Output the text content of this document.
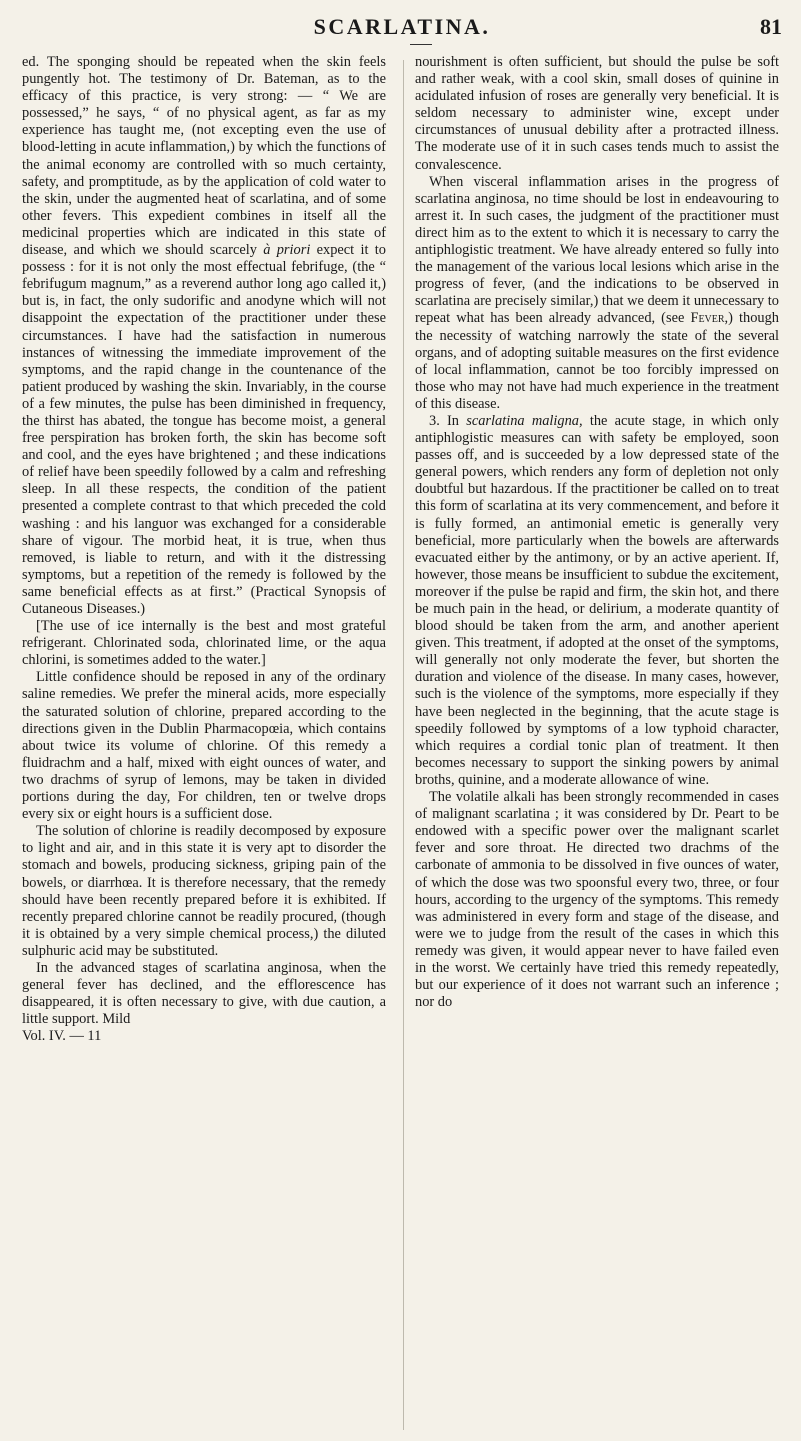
SCARLATINA.	81

ed. The sponging should be repeated when the skin feels pungently hot. The testimony of Dr. Bateman, as to the efficacy of this practice, is very strong: — “ We are possessed,” he says, “ of no physical agent, as far as my experience has taught me, (not excepting even the use of blood-letting in acute inflammation,) by which the functions of the animal economy are controlled with so much certainty, safety, and promptitude, as by the application of cold water to the skin, under the augmented heat of scarlatina, and of some other fevers. This expedient combines in itself all the medicinal properties which are indicated in this state of disease, and which we should scarcely à priori expect it to possess : for it is not only the most effectual febrifuge, (the “ febrifugum magnum,” as a reverend author long ago called it,) but is, in fact, the only sudorific and anodyne which will not disappoint the expectation of the practitioner under these circumstances. I have had the satisfaction in numerous instances of witnessing the immediate improvement of the symptoms, and the rapid change in the countenance of the patient produced by washing the skin. Invariably, in the course of a few minutes, the pulse has been diminished in frequency, the thirst has abated, the tongue has become moist, a general free perspiration has broken forth, the skin has become soft and cool, and the eyes have brightened ; and these indications of relief have been speedily followed by a calm and refreshing sleep. In all these respects, the condition of the patient presented a complete contrast to that which preceded the cold washing : and his languor was exchanged for a considerable share of vigour. The morbid heat, it is true, when thus removed, is liable to return, and with it the distressing symptoms, but a repetition of the remedy is followed by the same beneficial effects as at first.” (Practical Synopsis of Cutaneous Diseases.)

[The use of ice internally is the best and most grateful refrigerant. Chlorinated soda, chlorinated lime, or the aqua chlorini, is sometimes added to the water.]

Little confidence should be reposed in any of the ordinary saline remedies. We prefer the mineral acids, more especially the saturated solution of chlorine, prepared according to the directions given in the Dublin Pharmacopœia, which contains about twice its volume of chlorine. Of this remedy a fluidrachm and a half, mixed with eight ounces of water, and two drachms of syrup of lemons, may be taken in divided portions during the day, For children, ten or twelve drops every six or eight hours is a sufficient dose.

The solution of chlorine is readily decomposed by exposure to light and air, and in this state it is very apt to disorder the stomach and bowels, producing sickness, griping pain of the bowels, or diarrhœa. It is therefore necessary, that the remedy should have been recently prepared before it is exhibited. If recently prepared chlorine cannot be readily procured, (though it is obtained by a very simple chemical process,) the diluted sulphuric acid may be substituted.

In the advanced stages of scarlatina anginosa, when the general fever has declined, and the efflorescence has disappeared, it is often necessary to give, with due caution, a little support. Mild

Vol. IV. — 11

nourishment is often sufficient, but should the pulse be soft and rather weak, with a cool skin, small doses of quinine in acidulated infusion of roses are generally very beneficial. It is seldom necessary to administer wine, except under circumstances of unusual debility after a protracted illness. The moderate use of it in such cases tends much to assist the convalescence.

When visceral inflammation arises in the progress of scarlatina anginosa, no time should be lost in endeavouring to arrest it. In such cases, the judgment of the practitioner must direct him as to the extent to which it is necessary to carry the antiphlogistic treatment. We have already entered so fully into the management of the various local lesions which arise in the progress of fever, (and the indications to be observed in scarlatina are precisely similar,) that we deem it unnecessary to repeat what has been already advanced, (see Fever,) though the necessity of watching narrowly the state of the several organs, and of adopting suitable measures on the first evidence of local inflammation, cannot be too forcibly impressed on those who may not have had much experience in the treatment of this disease.

3. In scarlatina maligna, the acute stage, in which only antiphlogistic measures can with safety be employed, soon passes off, and is succeeded by a low depressed state of the general powers, which renders any form of depletion not only doubtful but hazardous. If the practitioner be called on to treat this form of scarlatina at its very commencement, and before it is fully formed, an antimonial emetic is generally very beneficial, more particularly when the bowels are afterwards evacuated either by the antimony, or by an active aperient. If, however, those means be insufficient to subdue the excitement, moreover if the pulse be rapid and firm, the skin hot, and there be much pain in the head, or delirium, a moderate quantity of blood should be taken from the arm, and another aperient given. This treatment, if adopted at the onset of the symptoms, will generally not only moderate the fever, but shorten the duration and violence of the disease. In many cases, however, such is the violence of the symptoms, more especially if they have been neglected in the beginning, that the acute stage is speedily followed by symptoms of a low typhoid character, which requires a cordial tonic plan of treatment. It then becomes necessary to support the sinking powers by animal broths, quinine, and a moderate allowance of wine.

The volatile alkali has been strongly recommended in cases of malignant scarlatina ; it was considered by Dr. Peart to be endowed with a specific power over the malignant scarlet fever and sore throat. He directed two drachms of the carbonate of ammonia to be dissolved in five ounces of water, of which the dose was two spoonsful every two, three, or four hours, according to the urgency of the symptoms. This remedy was administered in every form and stage of the disease, and were we to judge from the result of the cases in which this remedy was given, it would appear never to have failed even in the worst. We certainly have tried this remedy repeatedly, but our experience of it does not warrant such an inference ; nor do
